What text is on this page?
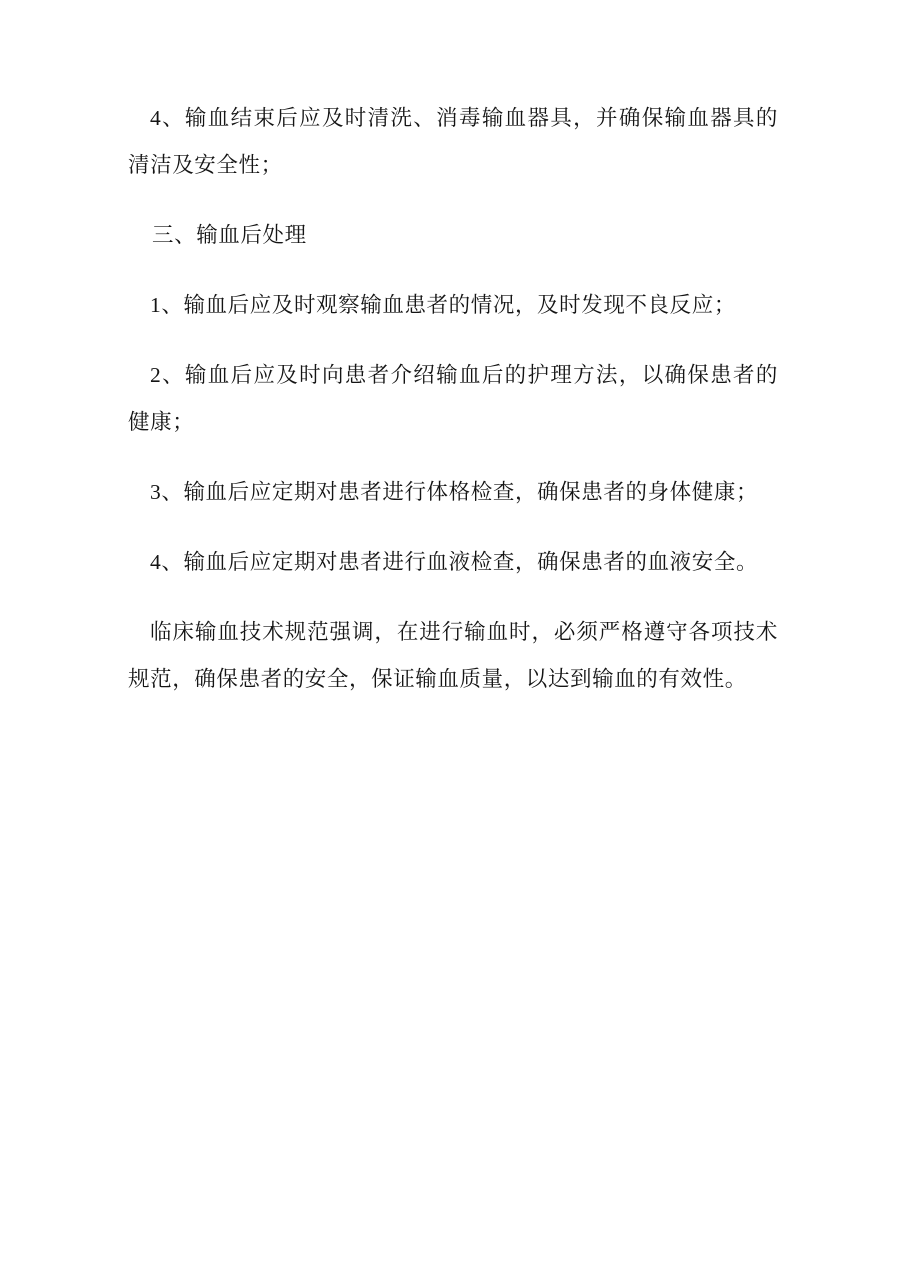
4、输血结束后应及时清洗、消毒输血器具，并确保输血器具的清洁及安全性；

三、输血后处理

1、输血后应及时观察输血患者的情况，及时发现不良反应；

2、输血后应及时向患者介绍输血后的护理方法，以确保患者的健康；

3、输血后应定期对患者进行体格检查，确保患者的身体健康；

4、输血后应定期对患者进行血液检查，确保患者的血液安全。

临床输血技术规范强调，在进行输血时，必须严格遵守各项技术规范，确保患者的安全，保证输血质量，以达到输血的有效性。
